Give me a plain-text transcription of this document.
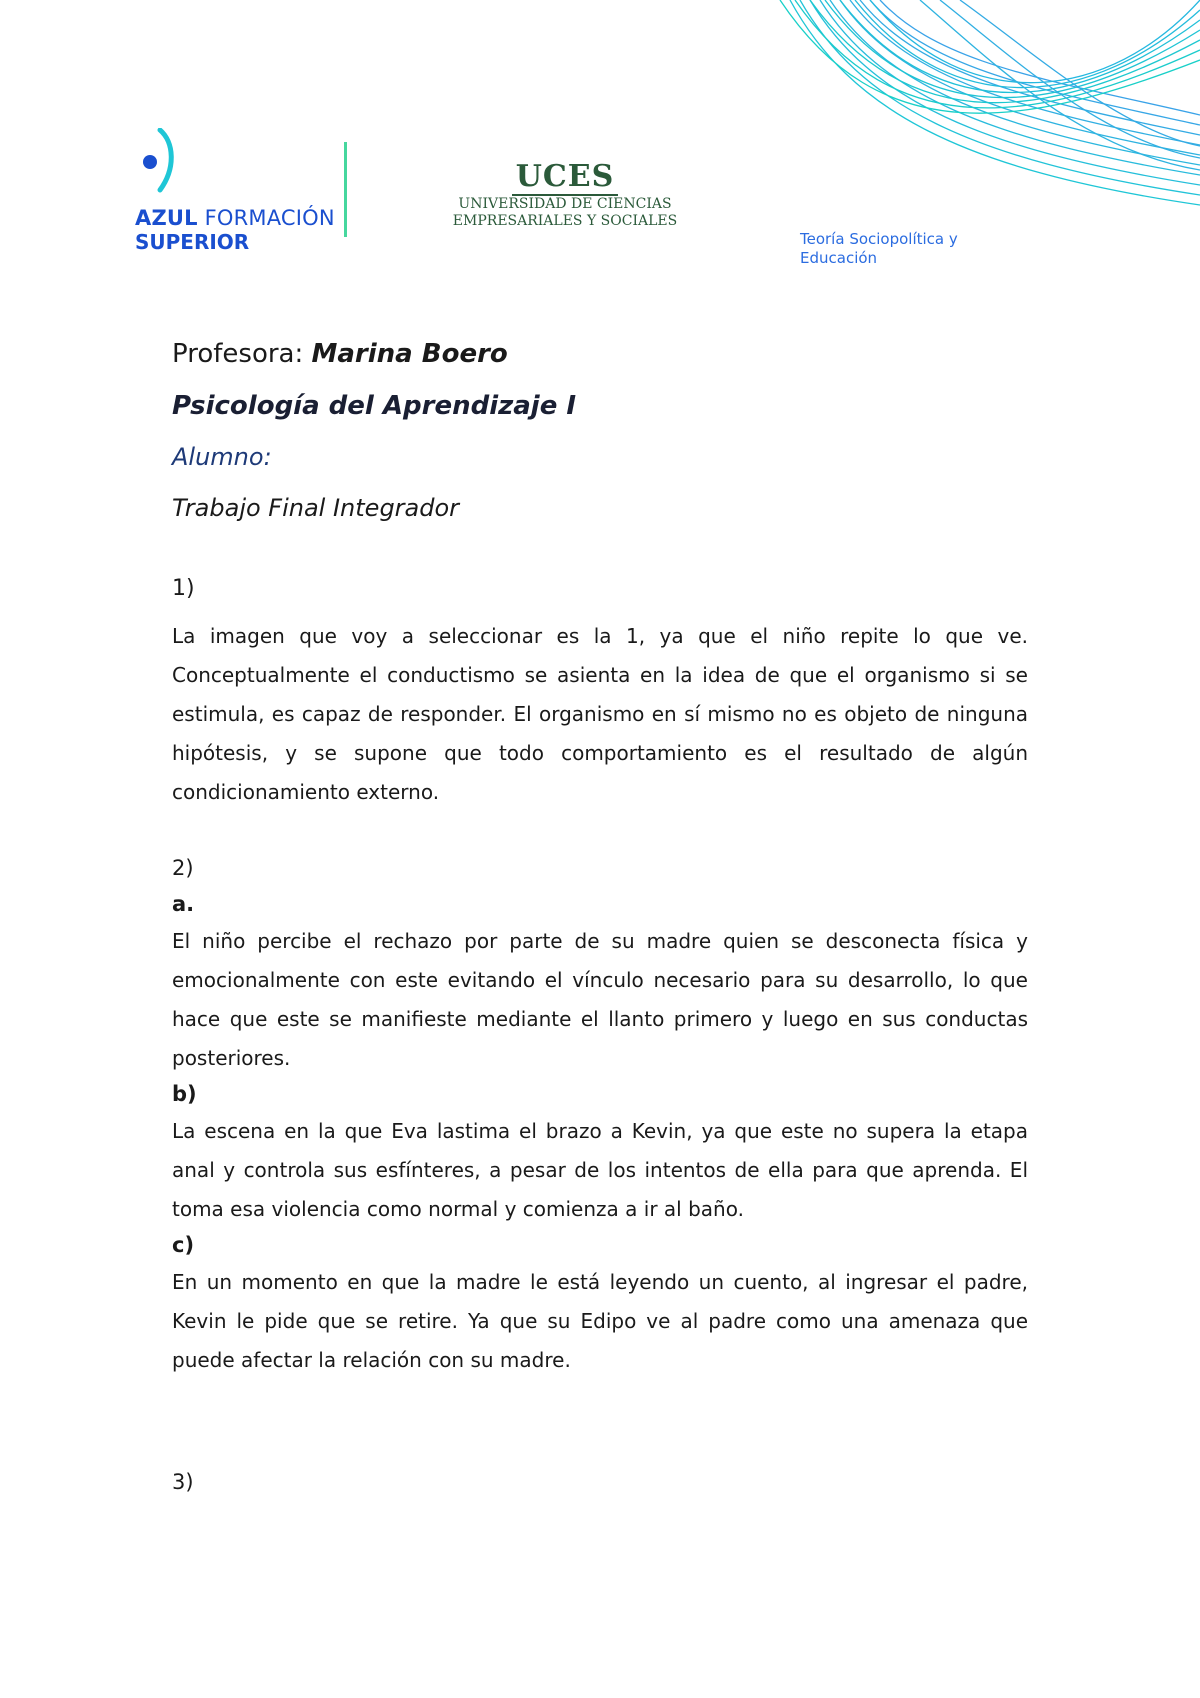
AZUL FORMACIÓN
SUPERIOR
UCES
UNIVERSIDAD DE CIENCIAS
EMPRESARIALES Y SOCIALES
Teoría Sociopolítica y
Educación

Profesora: Marina Boero

Psicología del Aprendizaje I

Alumno:

Trabajo Final Integrador

1)

La imagen que voy a seleccionar es la 1, ya que el niño repite lo que ve. Conceptualmente el conductismo se asienta en la idea de que el organismo si se estimula, es capaz de responder. El organismo en sí mismo no es objeto de ninguna hipótesis, y se supone que todo comportamiento es el resultado de algún condicionamiento externo.

2)

a.

El niño percibe el rechazo por parte de su madre quien se desconecta física y emocionalmente con este evitando el vínculo necesario para su desarrollo, lo que hace que este se manifieste mediante el llanto primero y luego en sus conductas posteriores.

b)

La escena en la que Eva lastima el brazo a Kevin, ya que este no supera la etapa anal y controla sus esfínteres, a pesar de los intentos de ella para que aprenda. El toma esa violencia como normal y comienza a ir al baño.

c)

En un momento en que la madre le está leyendo un cuento, al ingresar el padre, Kevin le pide que se retire. Ya que su Edipo ve al padre como una amenaza que puede afectar la relación con su madre.

3)
